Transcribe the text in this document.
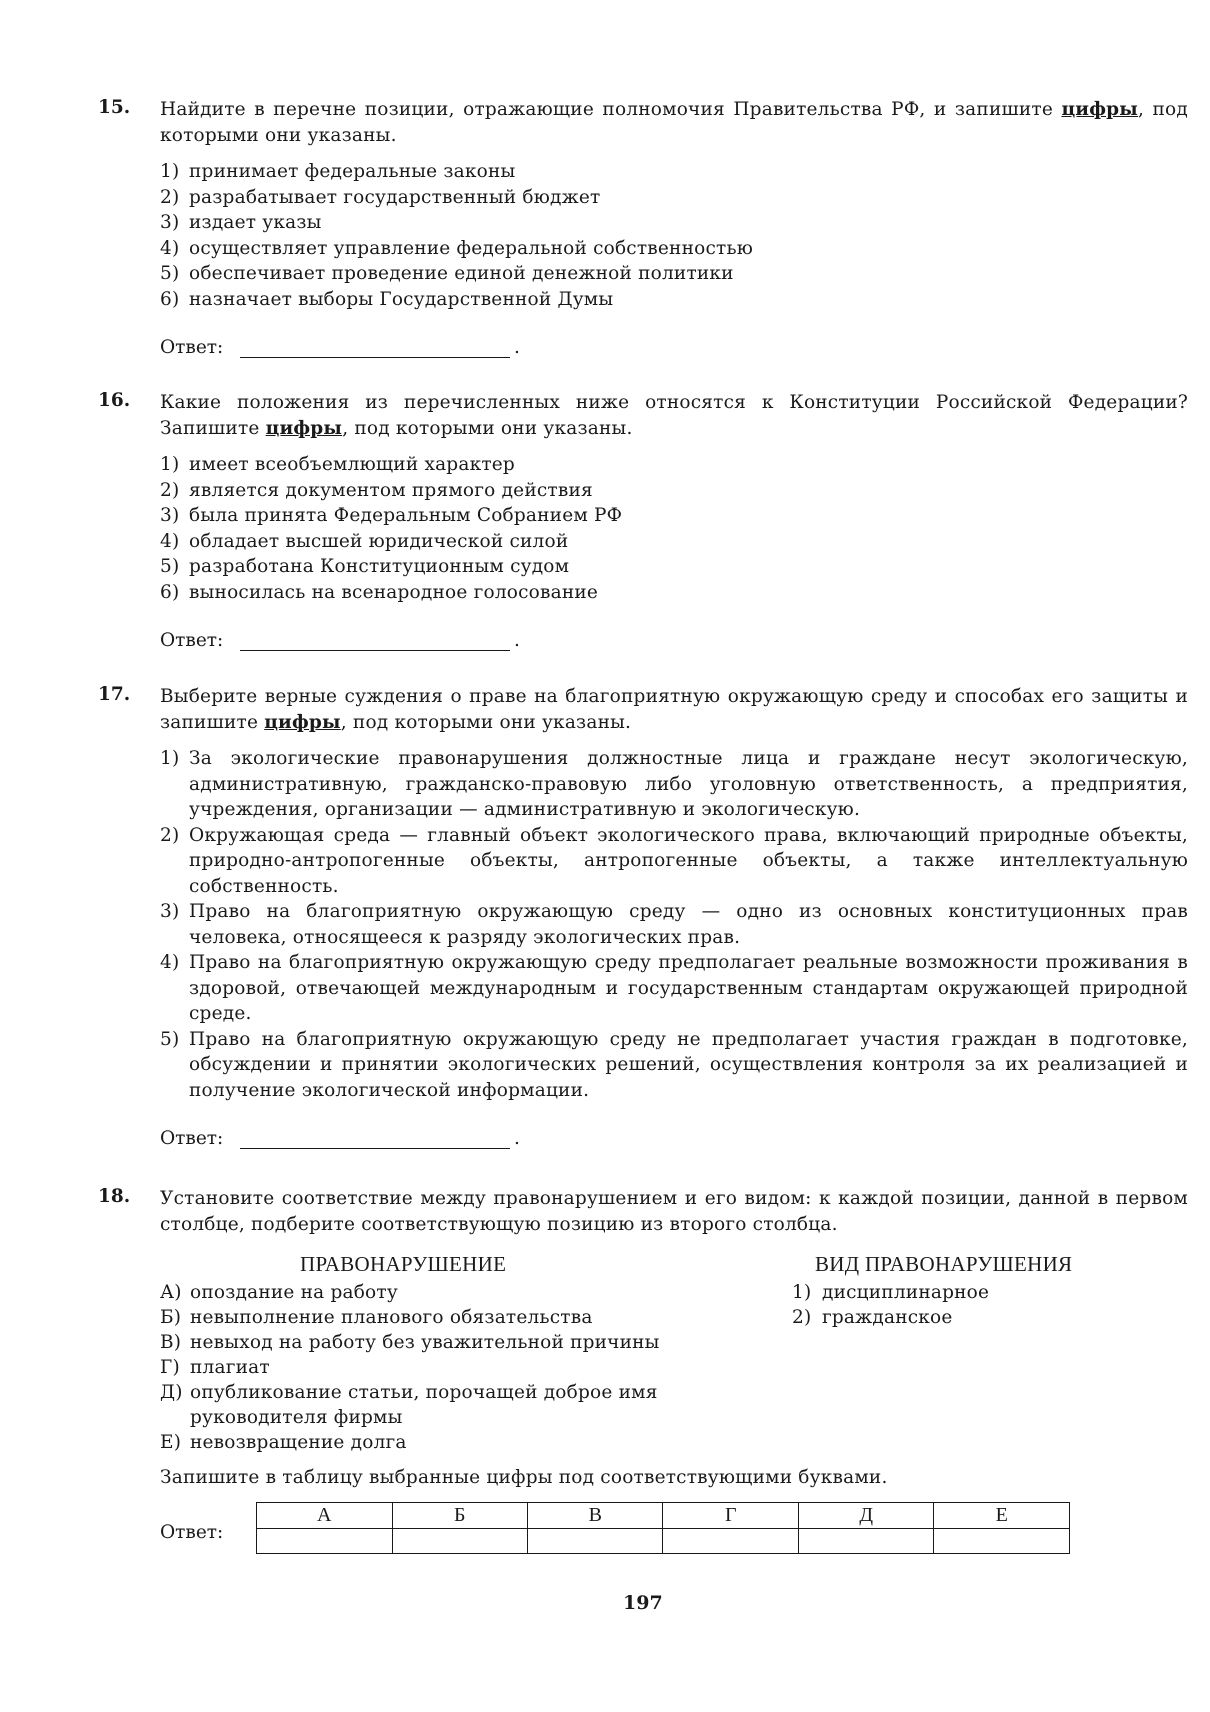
15.	Найдите в перечне позиции, отражающие полномочия Правительства РФ, и запишите цифры, под которыми они указаны.
1) принимает федеральные законы
2) разрабатывает государственный бюджет
3) издает указы
4) осуществляет управление федеральной собственностью
5) обеспечивает проведение единой денежной политики
6) назначает выборы Государственной Думы
Ответ:	.
16.	Какие положения из перечисленных ниже относятся к Конституции Российской Федерации? Запишите цифры, под которыми они указаны.
1) имеет всеобъемлющий характер
2) является документом прямого действия
3) была принята Федеральным Собранием РФ
4) обладает высшей юридической силой
5) разработана Конституционным судом
6) выносилась на всенародное голосование
Ответ:	.
17.	Выберите верные суждения о праве на благоприятную окружающую среду и способах его защиты и запишите цифры, под которыми они указаны.
1) За экологические правонарушения должностные лица и граждане несут экологическую, административную, гражданско-правовую либо уголовную ответственность, а предприятия, учреждения, организации — административную и экологическую.
2) Окружающая среда — главный объект экологического права, включающий природные объекты, природно-антропогенные объекты, антропогенные объекты, а также интеллектуальную собственность.
3) Право на благоприятную окружающую среду — одно из основных конституционных прав человека, относящееся к разряду экологических прав.
4) Право на благоприятную окружающую среду предполагает реальные возможности проживания в здоровой, отвечающей международным и государственным стандартам окружающей природной среде.
5) Право на благоприятную окружающую среду не предполагает участия граждан в подготовке, обсуждении и принятии экологических решений, осуществления контроля за их реализацией и получение экологической информации.
Ответ:	.
18.	Установите соответствие между правонарушением и его видом: к каждой позиции, данной в первом столбце, подберите соответствующую позицию из второго столбца.
ПРАВОНАРУШЕНИЕ	ВИД ПРАВОНАРУШЕНИЯ
А) опоздание на работу
Б) невыполнение планового обязательства
В) невыход на работу без уважительной причины
Г) плагиат
Д) опубликование статьи, порочащей доброе имя руководителя фирмы
Е) невозвращение долга
1) дисциплинарное
2) гражданское
Запишите в таблицу выбранные цифры под соответствующими буквами.
Ответ:
А	Б	В	Г	Д	Е

197
